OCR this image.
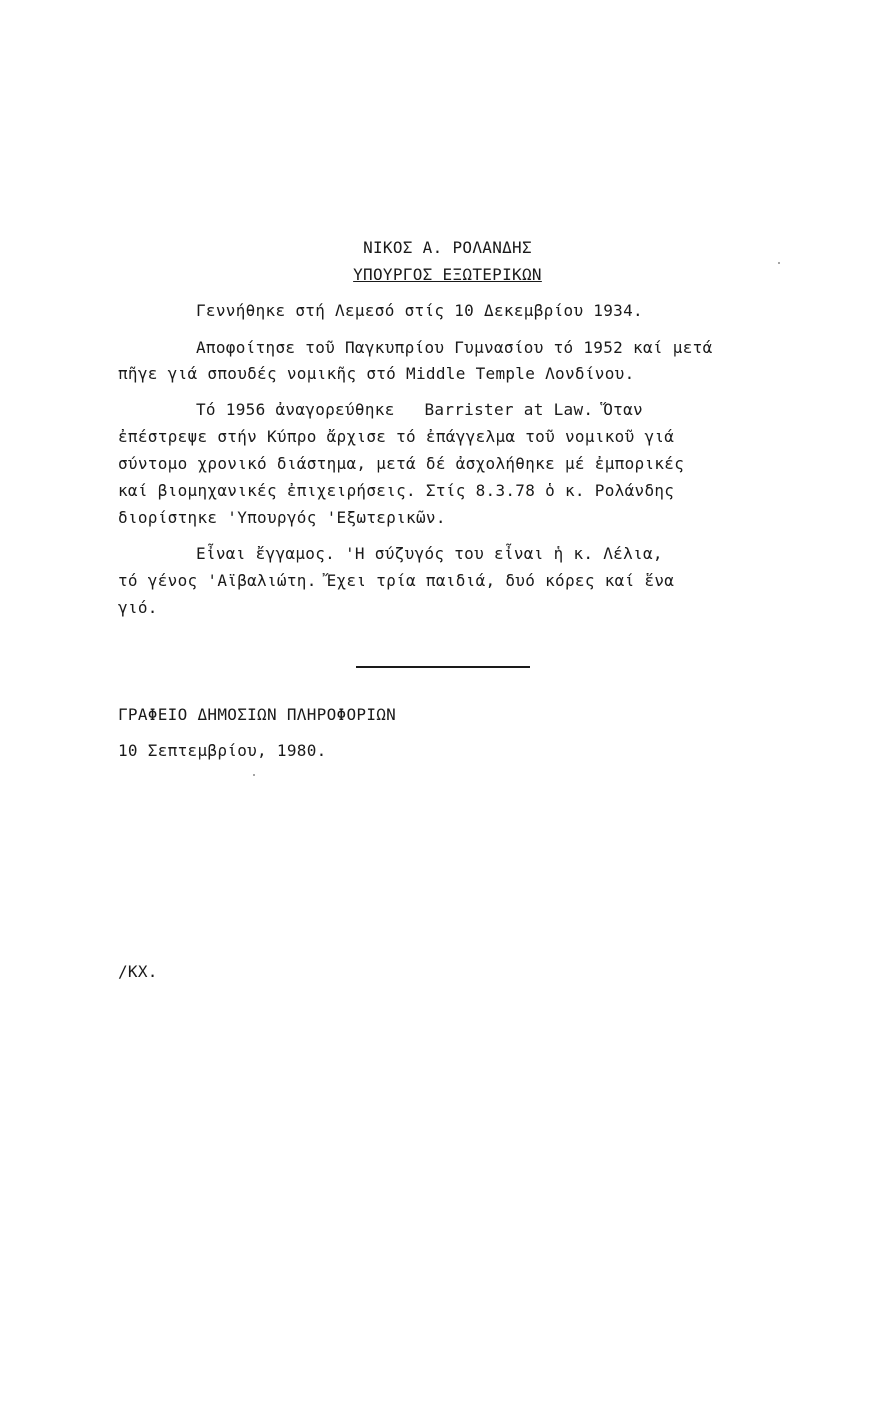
ΝΙΚΟΣ Α. ΡΟΛΑΝΔΗΣ
ΥΠΟΥΡΓΟΣ ΕΞΩΤΕΡΙΚΩΝ
Γεννήθηκε στή Λεμεσό στίς 10 Δεκεμβρίου 1934.
Αποφοίτησε τοῦ Παγκυπρίου Γυμνασίου τό 1952 καί μετά
πῆγε γιά σπουδές νομικῆς στό Middle Temple Λονδίνου.
Τό 1956 ἀναγορεύθηκε   Barrister at Law. Ὅταν
ἐπέστρεψε στήν Κύπρο ἄρχισε τό ἐπάγγελμα τοῦ νομικοῦ γιά
σύντομο χρονικό διάστημα, μετά δέ ἀσχολήθηκε μέ ἐμπορικές
καί βιομηχανικές ἐπιχειρήσεις. Στίς 8.3.78 ὁ κ. Ρολάνδης
διορίστηκε 'Υπουργός 'Εξωτερικῶν.
Εἶναι ἔγγαμος. 'Η σύζυγός του εἶναι ἡ κ. Λέλια,
τό γένος 'Αϊβαλιώτη. Ἔχει τρία παιδιά, δυό κόρες καί ἕνα
γιό.
ΓΡΑΦΕΙΟ ΔΗΜΟΣΙΩΝ ΠΛΗΡΟΦΟΡΙΩΝ
10 Σεπτεμβρίου, 1980.
/ΚΧ.
